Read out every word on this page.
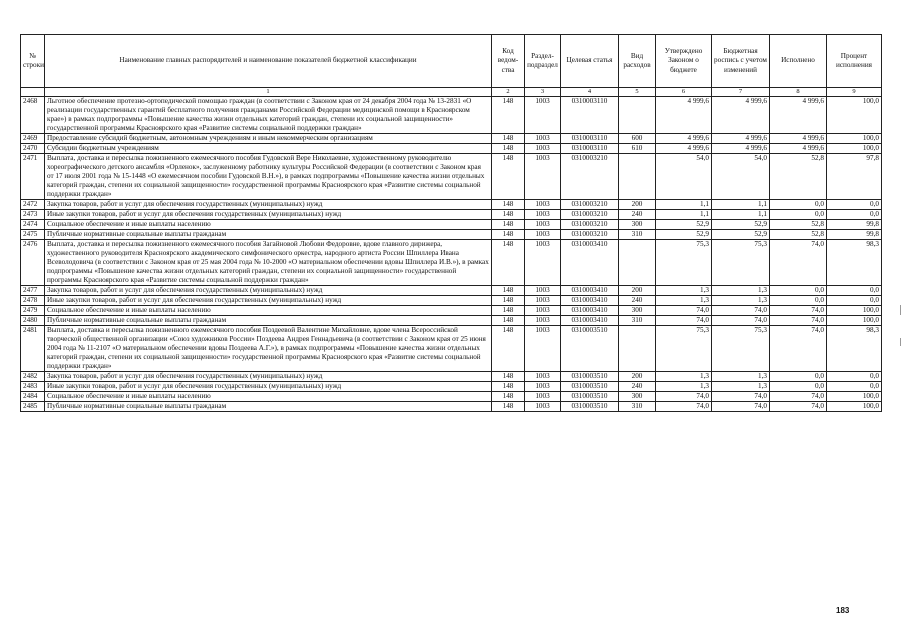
№ строки	Наименование главных распорядителей и наименование показателей бюджетной классификации	Код ведом-ства	Раздел-подраздел	Целевая статья	Вид расходов	Утверждено Законом о бюджете	Бюджетная роспись с учетом изменений	Исполнено	Процент исполнения
	1	2	3	4	5	6	7	8	9
2468	Льготное обеспечение протезно-ортопедической помощью граждан (в соответствии с Законом края от 24 декабря 2004 года № 13-2831 «О реализации государственных гарантий бесплатного получения гражданами Российской Федерации медицинской помощи в Красноярском крае») в рамках подпрограммы «Повышение качества жизни отдельных категорий граждан, степени их социальной защищенности» государственной программы Красноярского края «Развитие системы социальной поддержки граждан»	148	1003	0310003110		4 999,6	4 999,6	4 999,6	100,0
2469	Предоставление субсидий бюджетным, автономным учреждениям и иным некоммерческим организациям	148	1003	0310003110	600	4 999,6	4 999,6	4 999,6	100,0
2470	Субсидии бюджетным учреждениям	148	1003	0310003110	610	4 999,6	4 999,6	4 999,6	100,0
2471	Выплата, доставка и пересылка пожизненного ежемесячного пособия Гудовской Вере Николаевне, художественному руководителю хореографического детского ансамбля «Орленок», заслуженному работнику культуры Российской Федерации (в соответствии с Законом края от 17 июля 2001 года № 15-1448 «О ежемесячном пособии Гудовской В.Н.»), в рамках подпрограммы «Повышение качества жизни отдельных категорий граждан, степени их социальной защищенности» государственной программы Красноярского края «Развитие системы социальной поддержки граждан»	148	1003	0310003210		54,0	54,0	52,8	97,8
2472	Закупка товаров, работ и услуг для обеспечения государственных (муниципальных) нужд	148	1003	0310003210	200	1,1	1,1	0,0	0,0
2473	Иные закупки товаров, работ и услуг для обеспечения государственных (муниципальных) нужд	148	1003	0310003210	240	1,1	1,1	0,0	0,0
2474	Социальное обеспечение и иные выплаты населению	148	1003	0310003210	300	52,9	52,9	52,8	99,8
2475	Публичные нормативные социальные выплаты гражданам	148	1003	0310003210	310	52,9	52,9	52,8	99,8
2476	Выплата, доставка и пересылка пожизненного ежемесячного пособия Загайновой Любови Федоровне, вдове главного дирижера, художественного руководителя Красноярского академического симфонического оркестра, народного артиста России Шпиллера Ивана Всеволодовича (в соответствии с Законом края от 25 мая 2004 года № 10-2000 «О материальном обеспечении вдовы Шпиллера И.В.»), в рамках подпрограммы «Повышение качества жизни отдельных категорий граждан, степени их социальной защищенности» государственной программы Красноярского края «Развитие системы социальной поддержки граждан»	148	1003	0310003410		75,3	75,3	74,0	98,3
2477	Закупка товаров, работ и услуг для обеспечения государственных (муниципальных) нужд	148	1003	0310003410	200	1,3	1,3	0,0	0,0
2478	Иные закупки товаров, работ и услуг для обеспечения государственных (муниципальных) нужд	148	1003	0310003410	240	1,3	1,3	0,0	0,0
2479	Социальное обеспечение и иные выплаты населению	148	1003	0310003410	300	74,0	74,0	74,0	100,0
2480	Публичные нормативные социальные выплаты гражданам	148	1003	0310003410	310	74,0	74,0	74,0	100,0
2481	Выплата, доставка и пересылка пожизненного ежемесячного пособия Поздеевой Валентине Михайловне, вдове члена Всероссийской творческой общественной организации «Союз художников России» Поздеева Андрея Геннадьевича (в соответствии с Законом края от 25 июня 2004 года № 11-2107 «О материальном обеспечении вдовы Поздеева А.Г.»), в рамках подпрограммы «Повышение качества жизни отдельных категорий граждан, степени их социальной защищенности» государственной программы Красноярского края «Развитие системы социальной поддержки граждан»	148	1003	0310003510		75,3	75,3	74,0	98,3
2482	Закупка товаров, работ и услуг для обеспечения государственных (муниципальных) нужд	148	1003	0310003510	200	1,3	1,3	0,0	0,0
2483	Иные закупки товаров, работ и услуг для обеспечения государственных (муниципальных) нужд	148	1003	0310003510	240	1,3	1,3	0,0	0,0
2484	Социальное обеспечение и иные выплаты населению	148	1003	0310003510	300	74,0	74,0	74,0	100,0
2485	Публичные нормативные социальные выплаты гражданам	148	1003	0310003510	310	74,0	74,0	74,0	100,0
183
